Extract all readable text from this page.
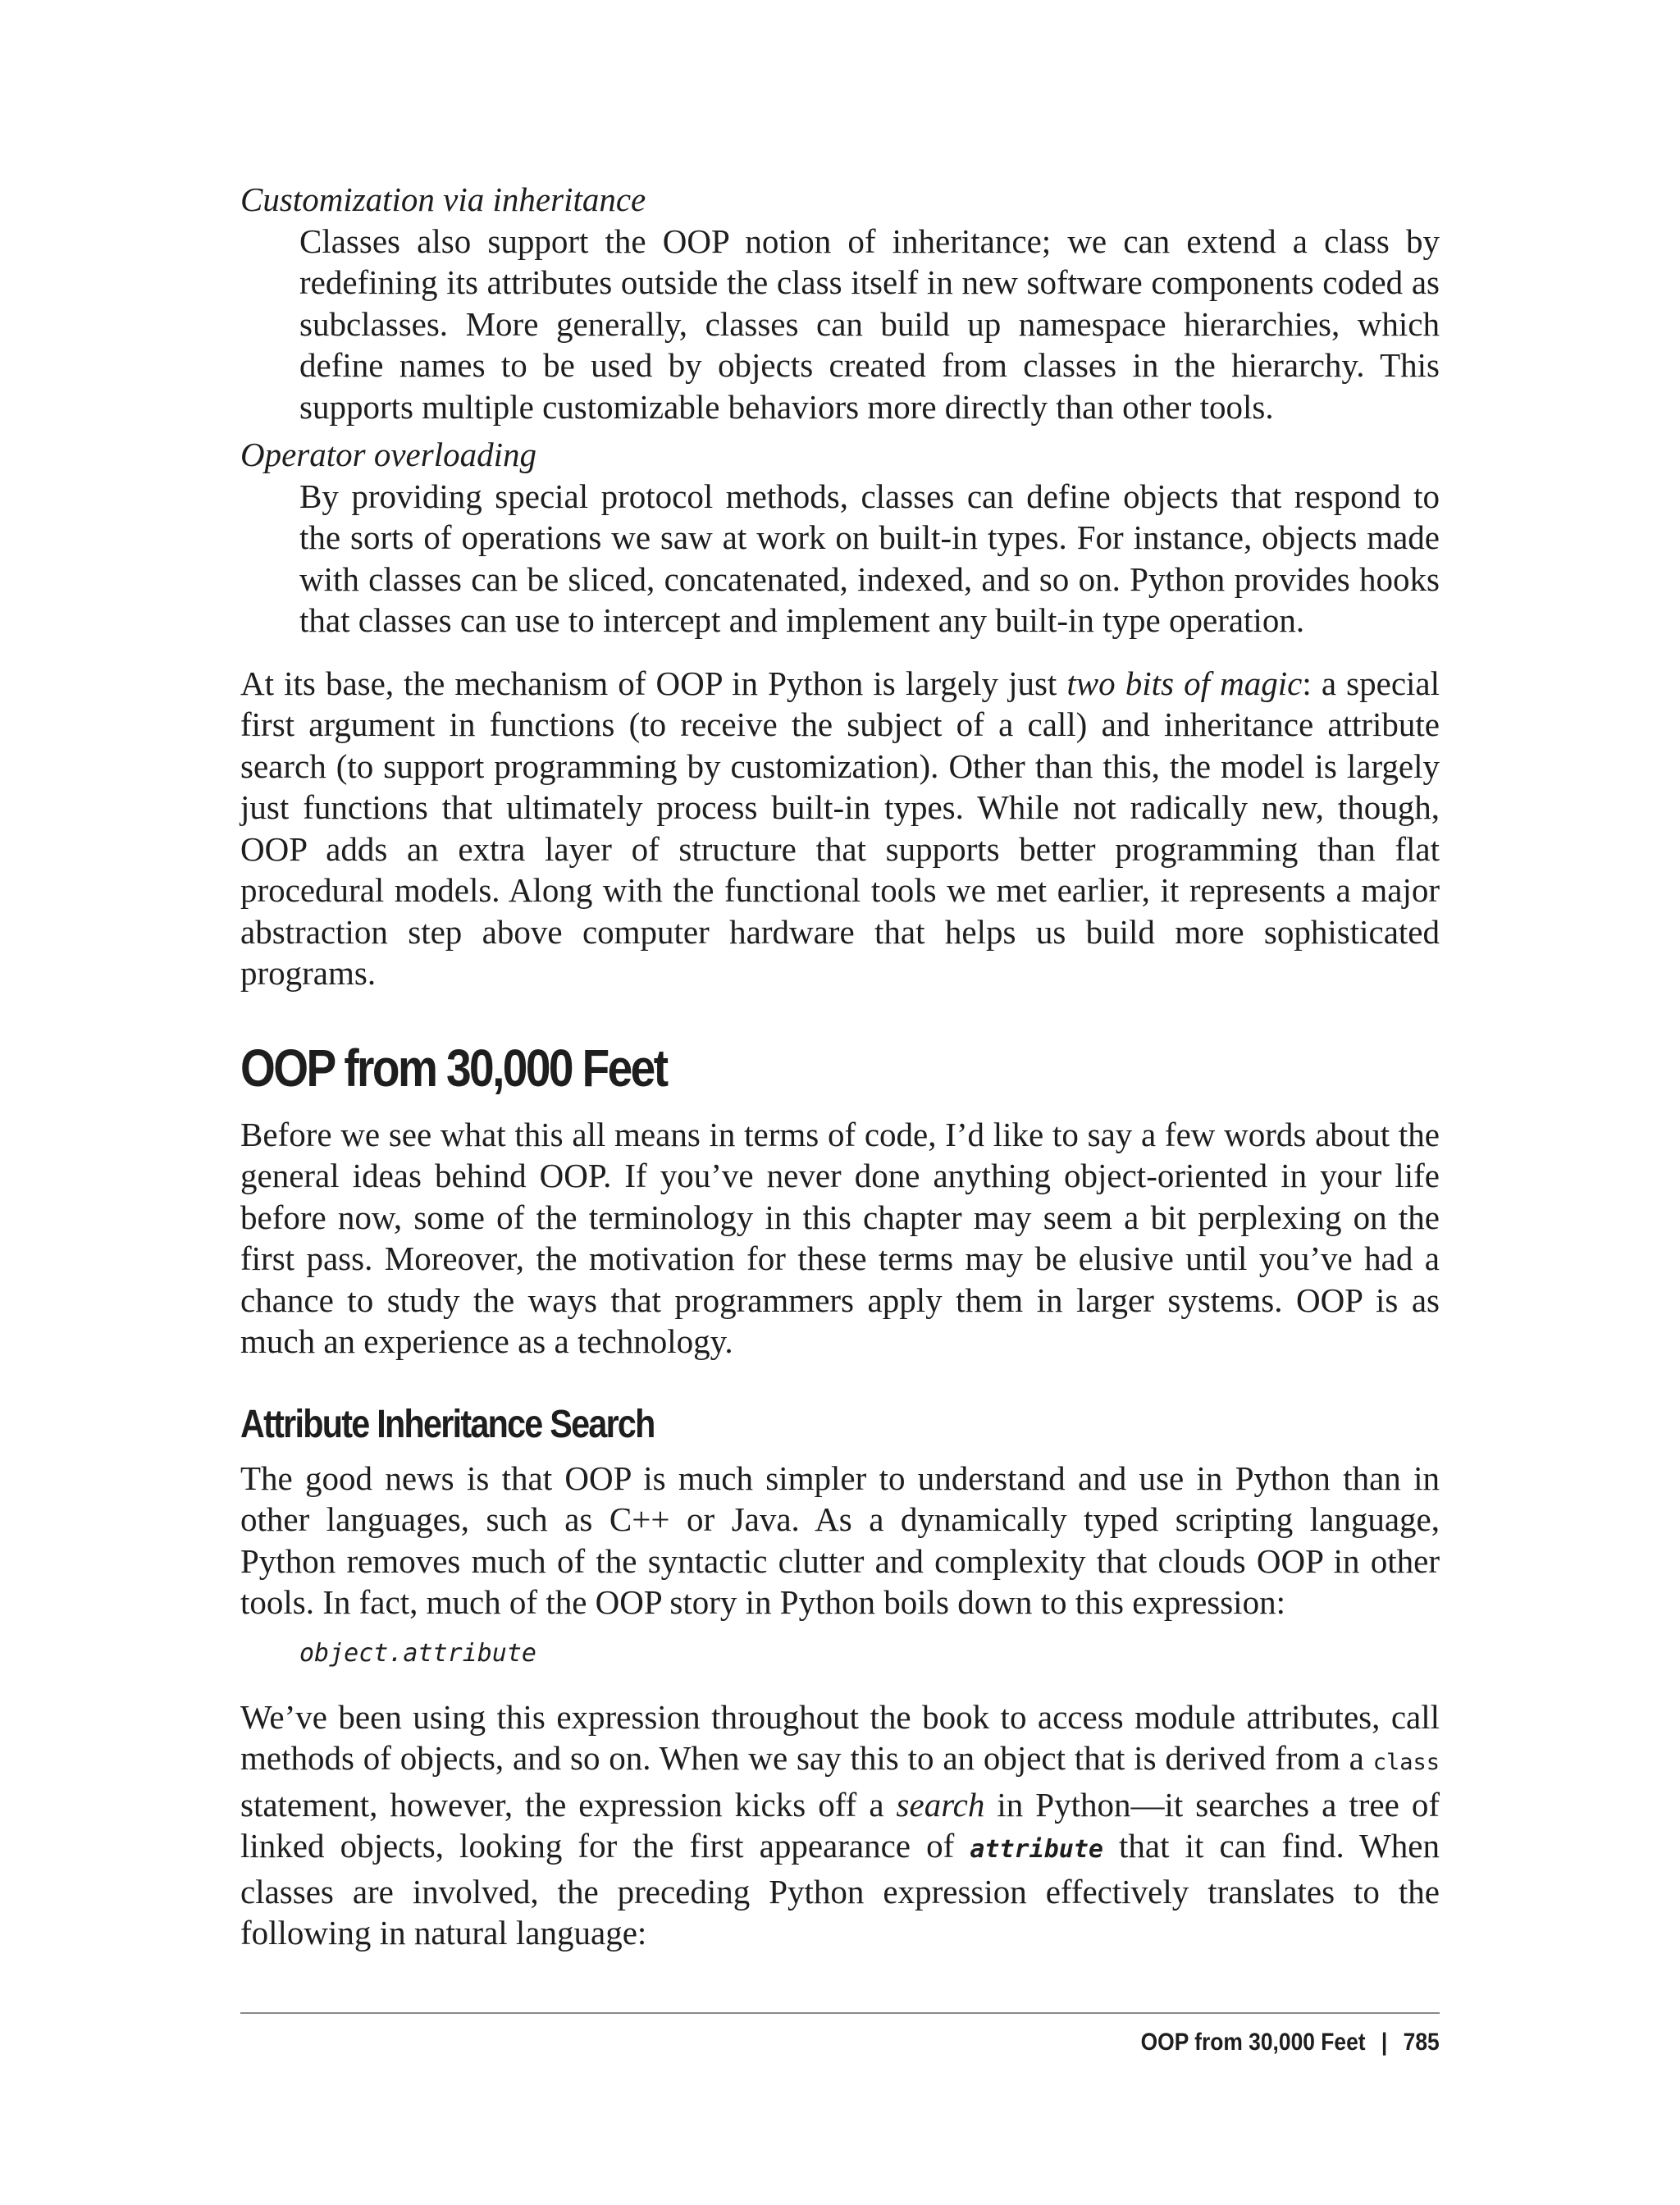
Customization via inheritance

Classes also support the OOP notion of inheritance; we can extend a class by redefining its attributes outside the class itself in new software components coded as subclasses. More generally, classes can build up namespace hierarchies, which define names to be used by objects created from classes in the hierarchy. This supports multiple customizable behaviors more directly than other tools.

Operator overloading

By providing special protocol methods, classes can define objects that respond to the sorts of operations we saw at work on built-in types. For instance, objects made with classes can be sliced, concatenated, indexed, and so on. Python provides hooks that classes can use to intercept and implement any built-in type operation.

At its base, the mechanism of OOP in Python is largely just two bits of magic: a special first argument in functions (to receive the subject of a call) and inheritance attribute search (to support programming by customization). Other than this, the model is largely just functions that ultimately process built-in types. While not radically new, though, OOP adds an extra layer of structure that supports better programming than flat procedural models. Along with the functional tools we met earlier, it represents a major abstraction step above computer hardware that helps us build more sophisticated programs.

OOP from 30,000 Feet

Before we see what this all means in terms of code, I’d like to say a few words about the general ideas behind OOP. If you’ve never done anything object-oriented in your life before now, some of the terminology in this chapter may seem a bit perplexing on the first pass. Moreover, the motivation for these terms may be elusive until you’ve had a chance to study the ways that programmers apply them in larger systems. OOP is as much an experience as a technology.

Attribute Inheritance Search

The good news is that OOP is much simpler to understand and use in Python than in other languages, such as C++ or Java. As a dynamically typed scripting language, Python removes much of the syntactic clutter and complexity that clouds OOP in other tools. In fact, much of the OOP story in Python boils down to this expression:

object.attribute

We’ve been using this expression throughout the book to access module attributes, call methods of objects, and so on. When we say this to an object that is derived from a class statement, however, the expression kicks off a search in Python—it searches a tree of linked objects, looking for the first appearance of attribute that it can find. When classes are involved, the preceding Python expression effectively translates to the following in natural language:

OOP from 30,000 Feet | 785
